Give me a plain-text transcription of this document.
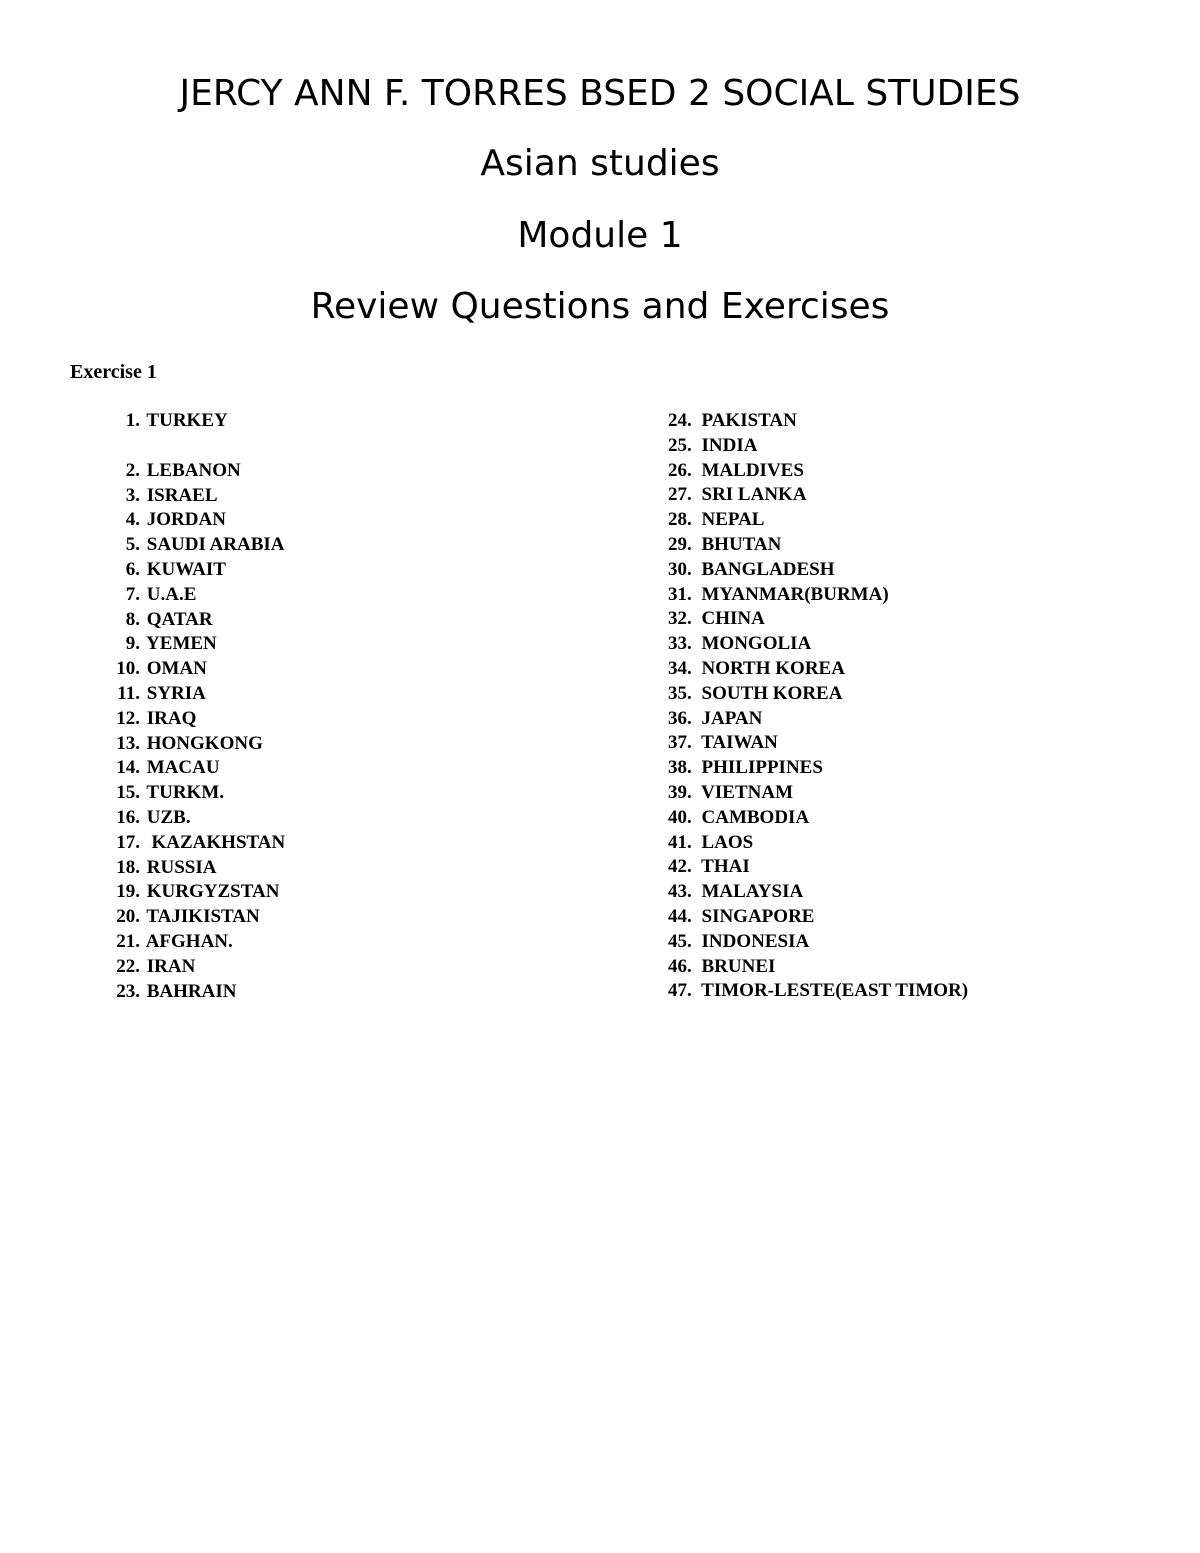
JERCY ANN F. TORRES BSED 2 SOCIAL STUDIES
Asian studies
Module 1
Review Questions and Exercises
Exercise 1
1. TURKEY
2. LEBANON
3. ISRAEL
4. JORDAN
5. SAUDI ARABIA
6. KUWAIT
7. U.A.E
8. QATAR
9. YEMEN
10. OMAN
11. SYRIA
12. IRAQ
13. HONGKONG
14. MACAU
15. TURKM.
16. UZB.
17.  KAZAKHSTAN
18. RUSSIA
19. KURGYZSTAN
20. TAJIKISTAN
21. AFGHAN.
22. IRAN
23. BAHRAIN
24. PAKISTAN
25. INDIA
26. MALDIVES
27. SRI LANKA
28. NEPAL
29. BHUTAN
30. BANGLADESH
31. MYANMAR(BURMA)
32. CHINA
33. MONGOLIA
34. NORTH KOREA
35. SOUTH KOREA
36. JAPAN
37. TAIWAN
38. PHILIPPINES
39. VIETNAM
40. CAMBODIA
41. LAOS
42. THAI
43. MALAYSIA
44. SINGAPORE
45. INDONESIA
46. BRUNEI
47. TIMOR-LESTE(EAST TIMOR)
